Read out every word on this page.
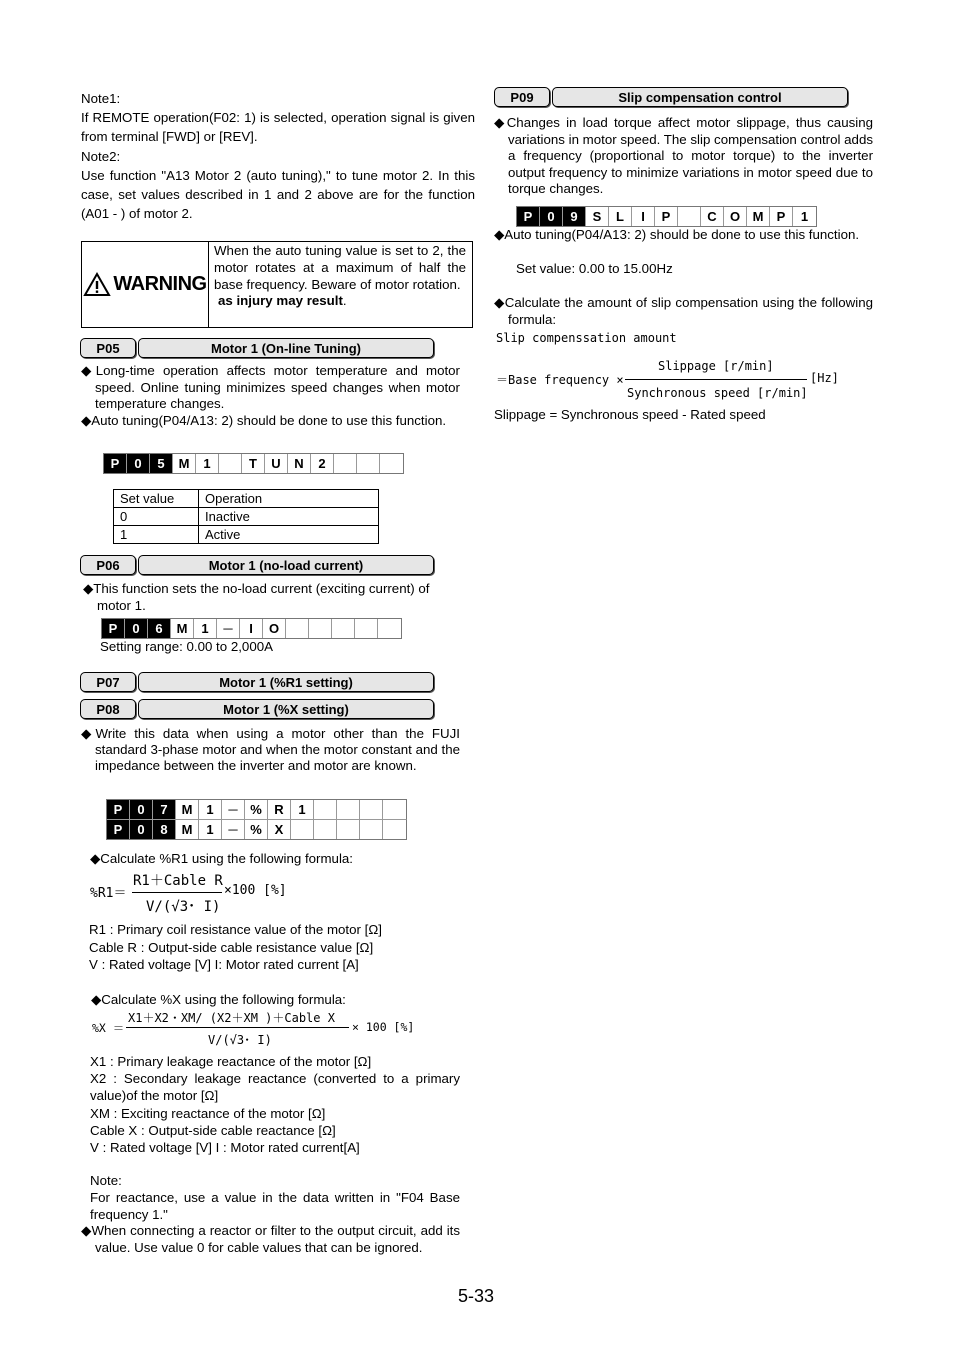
Note1:
If REMOTE operation(F02: 1) is selected, operation signal is given from terminal [FWD] or [REV].
Note2:
Use function "A13 Motor 2 (auto tuning)," to tune motor 2. In this case, set values described in 1 and 2 above are for the function (A01 - ) of motor 2.
WARNING
When the auto tuning value is set to 2, the motor rotates at a maximum of half the base frequency. Beware of motor rotation.
as injury may result.
P05	Motor 1 (On-line Tuning)
◆Long-time operation affects motor temperature and motor speed. Online tuning minimizes speed changes when motor temperature changes.
◆Auto tuning(P04/A13: 2) should be done to use this function.
P	0	5	M	1	T	U	N	2
Set value	Operation
0	Inactive
1	Active
P06	Motor 1 (no-load current)
◆This function sets the no-load current (exciting current) of motor 1.
P	0	6	M	1	─	I	O
Setting range: 0.00 to 2,000A
P07	Motor 1 (%R1 setting)
P08	Motor 1 (%X setting)
◆Write this data when using a motor other than the FUJI standard 3-phase motor and when the motor constant and the impedance between the inverter and motor are known.
P	0	7	M	1	─ % R	1
P	0	8	M	1	─ % X
◆Calculate %R1 using the following formula:
%R1＝
R1＋Cable R
V/(√3･ I)
×100 [%]
R1 : Primary coil resistance value of the motor [Ω]
Cable R : Output-side cable resistance value [Ω]
V : Rated voltage [V] I: Motor rated current [A]
◆Calculate %X using the following formula:
%X ＝
X1＋X2・XM/ (X2＋XM )＋Cable X
V/(√3･ I)
× 100 [%]
X1 : Primary leakage reactance of the motor [Ω]
X2 : Secondary leakage reactance (converted to a primary value)of the motor [Ω]
XM : Exciting reactance of the motor [Ω]
Cable X : Output-side cable reactance [Ω]
V : Rated voltage [V] I : Motor rated current[A]
Note:
For reactance, use a value in the data written in "F04 Base frequency 1."
◆When connecting a reactor or filter to the output circuit, add its value. Use value 0 for cable values that can be ignored.
P09	Slip compensation control
◆Changes in load torque affect motor slippage, thus causing variations in motor speed. The slip compensation control adds a frequency (proportional to motor torque) to the inverter output frequency to minimize variations in motor speed due to torque changes.
P	0	9	S	L	I	P	C	O M	P	1
◆Auto tuning(P04/A13: 2) should be done to use this function.
Set value: 0.00 to 15.00Hz
◆Calculate the amount of slip compensation using the following formula:
Slip compenssation amount
＝Base frequency ×
Slippage [r/min]
Synchronous speed [r/min]
[Hz]
Slippage = Synchronous speed - Rated speed
5-33
